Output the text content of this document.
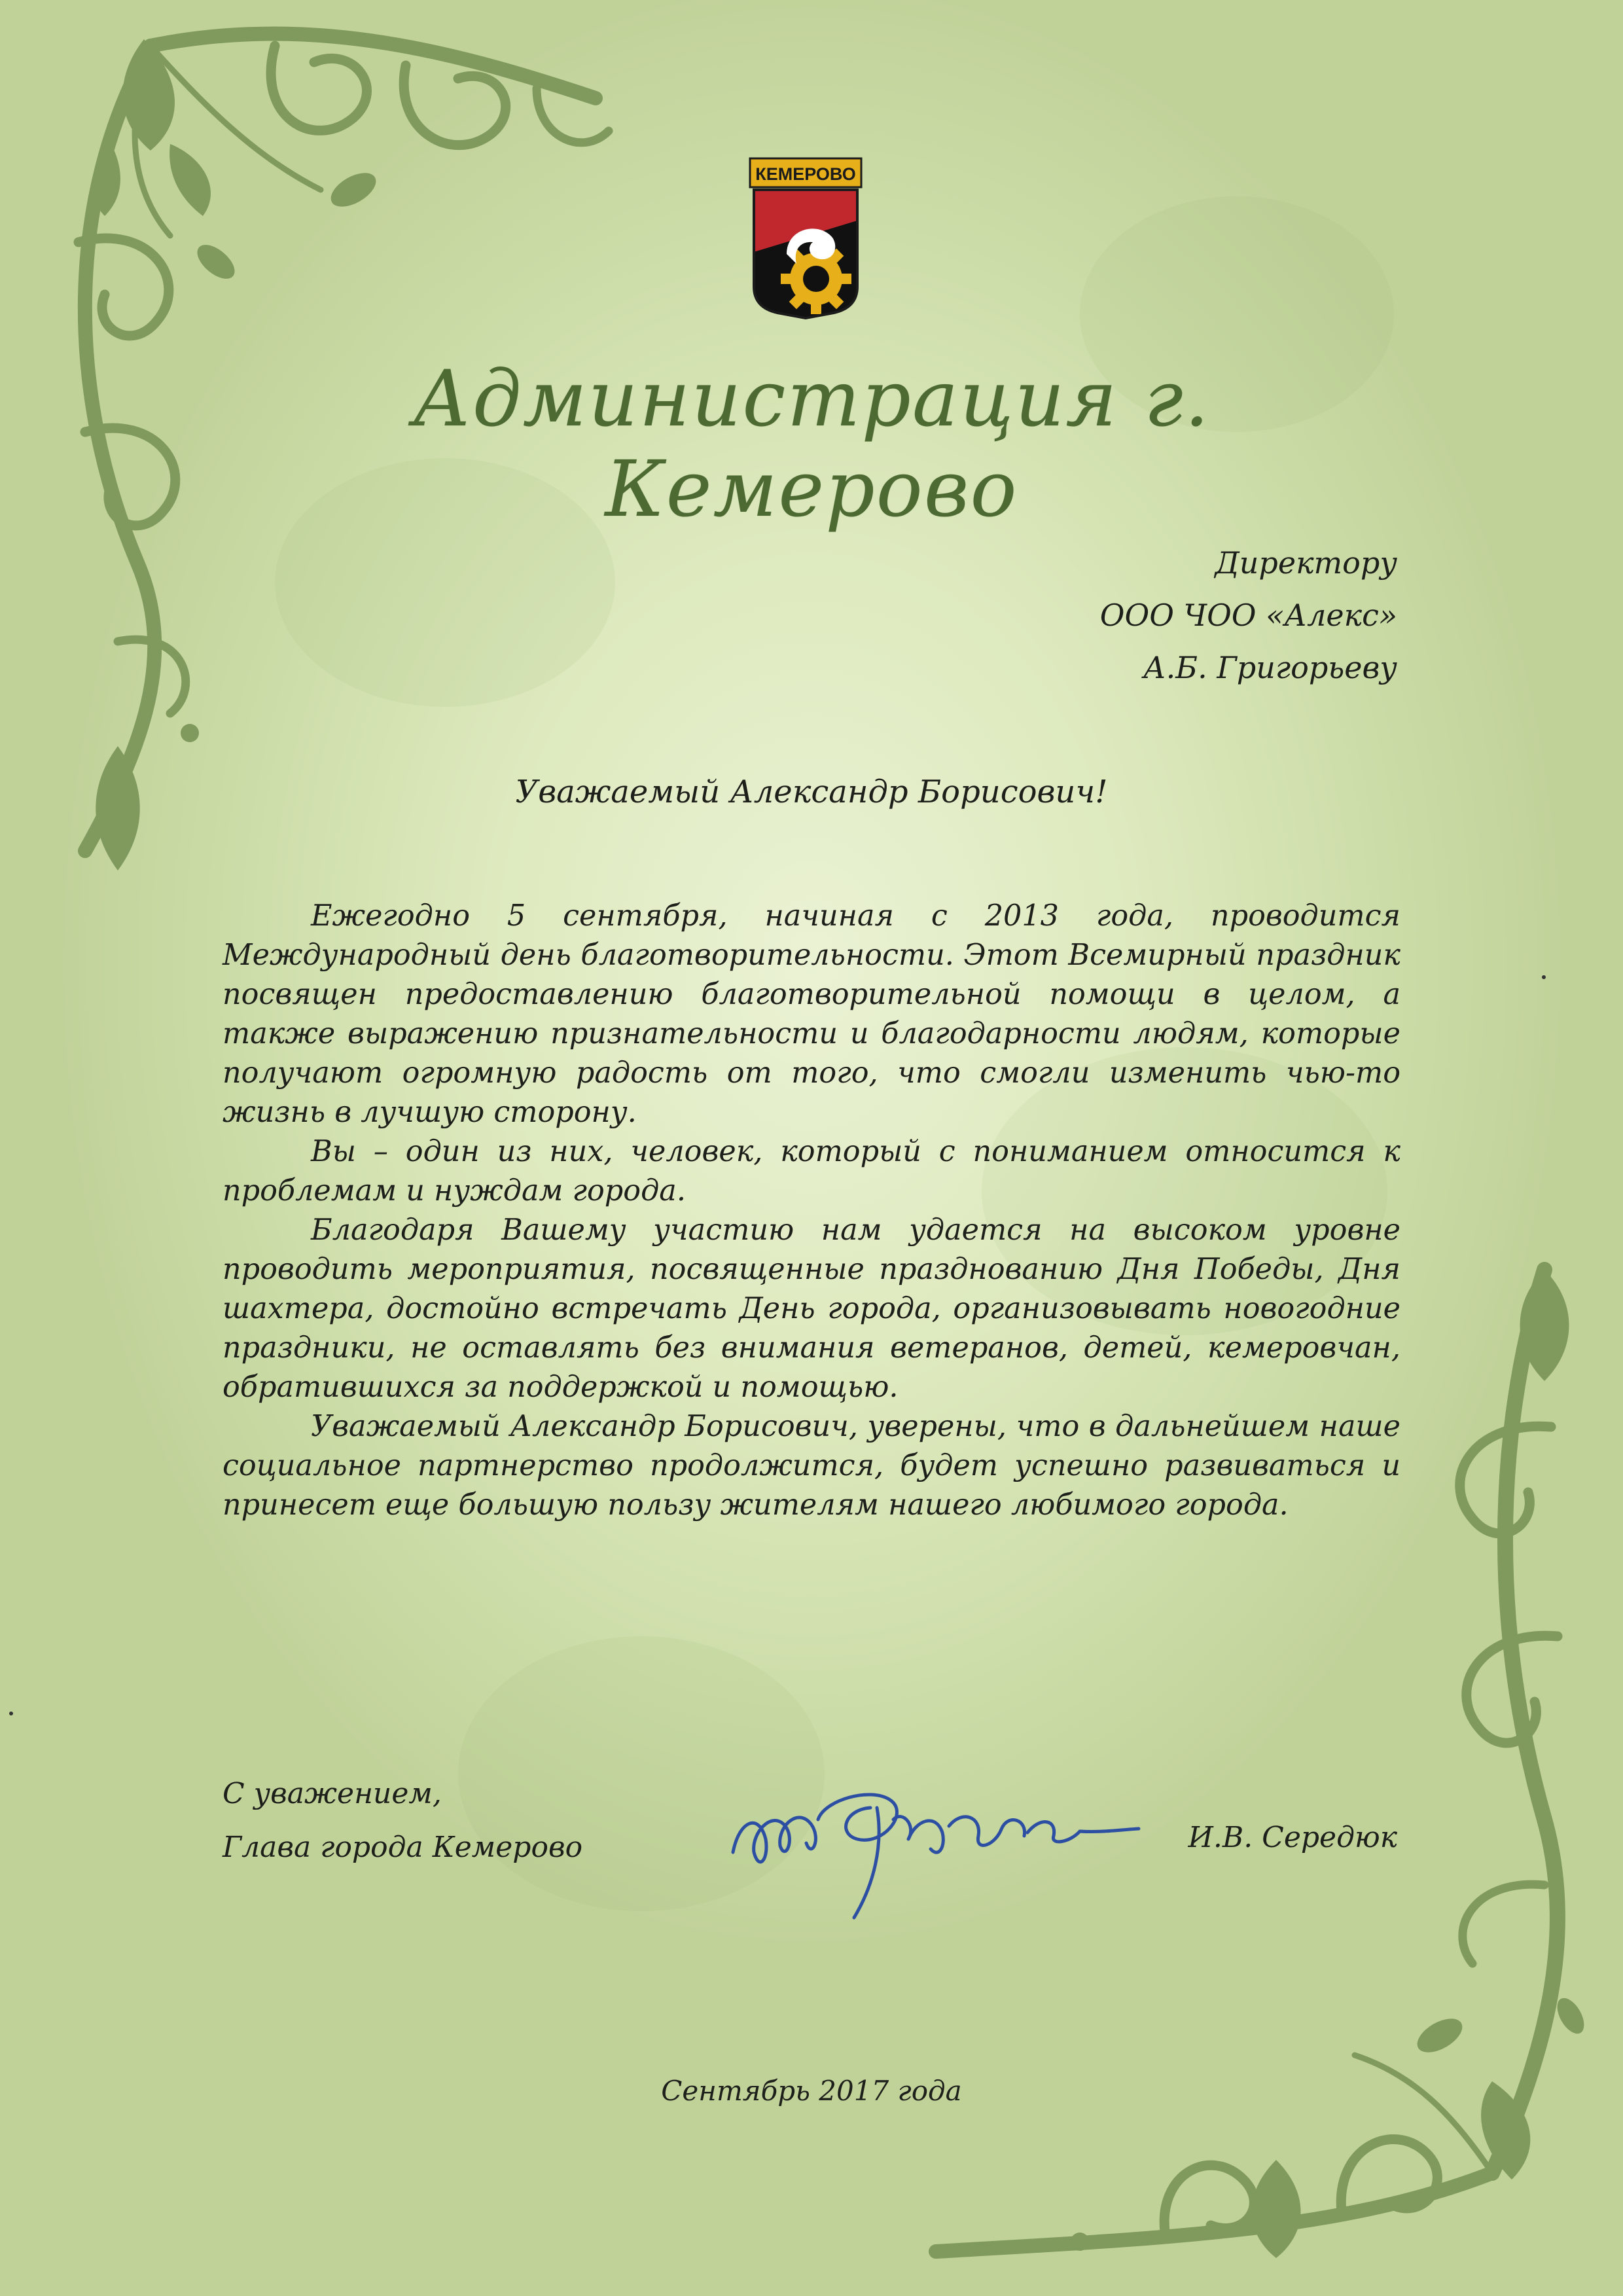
КЕМЕРОВО
Администрация г. Кемерово
Директору
ООО ЧОО «Алекс»
А.Б. Григорьеву
Уважаемый Александр Борисович!

Ежегодно 5 сентября, начиная с 2013 года, проводится Международный день благотворительности. Этот Всемирный праздник посвящен предоставлению благотворительной помощи в целом, а также выражению признательности и благодарности людям, которые получают огромную радость от того, что смогли изменить чью-то жизнь в лучшую сторону.

Вы – один из них, человек, который с пониманием относится к проблемам и нуждам города.

Благодаря Вашему участию нам удается на высоком уровне проводить мероприятия, посвященные празднованию Дня Победы, Дня шахтера, достойно встречать День города, организовывать новогодние праздники, не оставлять без внимания ветеранов, детей, кемеровчан, обратившихся за поддержкой и помощью.

Уважаемый Александр Борисович, уверены, что в дальнейшем наше социальное партнерство продолжится, будет успешно развиваться и принесет еще большую пользу жителям нашего любимого города.

С уважением,
Глава города Кемерово	И.В. Середюк
Сентябрь 2017 года
